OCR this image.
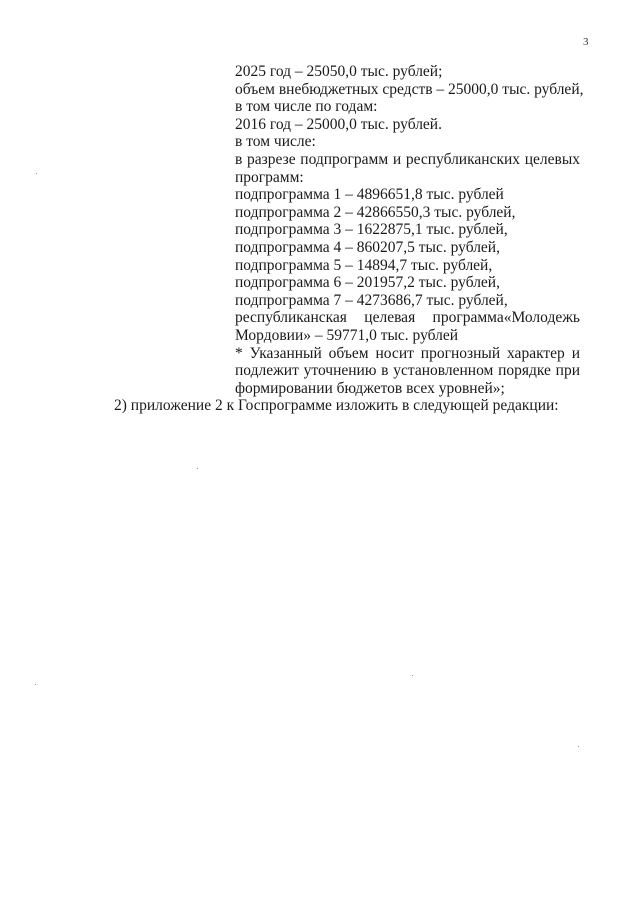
3
2025 год – 25050,0 тыс. рублей;
объем внебюджетных средств – 25000,0 тыс. рублей,
в том числе по годам:
2016 год – 25000,0 тыс. рублей.
в том числе:
в разрезе подпрограмм и республиканских целевых
программ:
подпрограмма 1 – 4896651,8 тыс. рублей
подпрограмма 2 – 42866550,3 тыс. рублей,
подпрограмма 3 – 1622875,1 тыс. рублей,
подпрограмма 4 – 860207,5 тыс. рублей,
подпрограмма 5 – 14894,7 тыс. рублей,
подпрограмма 6 – 201957,2 тыс. рублей,
подпрограмма 7 – 4273686,7 тыс. рублей,
республиканская целевая программа«Молодежь
Мордовии» – 59771,0 тыс. рублей
* Указанный объем носит прогнозный характер и
подлежит уточнению в установленном порядке при
формировании бюджетов всех уровней»;
2) приложение 2 к Госпрограмме изложить в следующей редакции:
